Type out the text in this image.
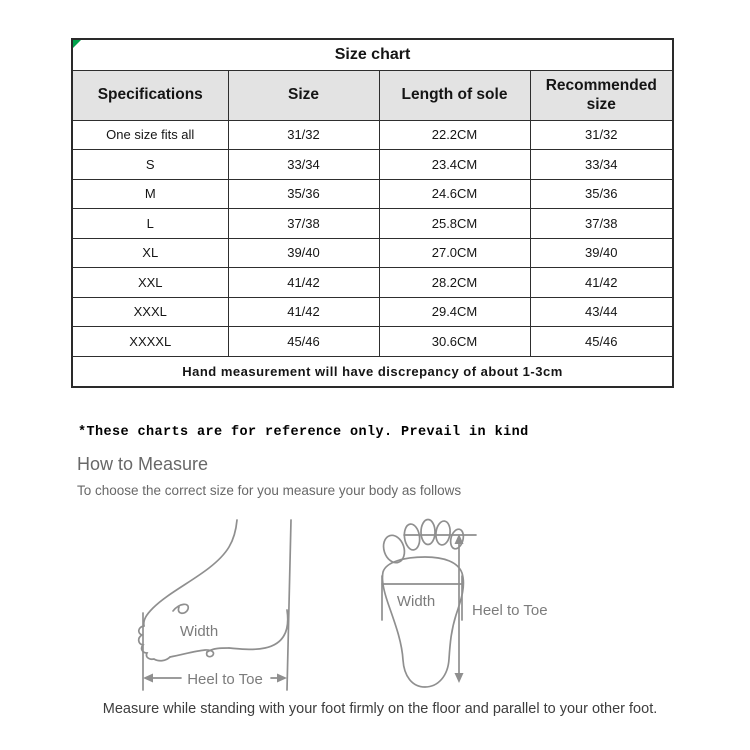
Size chart			
Specifications	Size	Length of sole	Recommended size
One size fits all	31/32	22.2CM	31/32
S	33/34	23.4CM	33/34
M	35/36	24.6CM	35/36
L	37/38	25.8CM	37/38
XL	39/40	27.0CM	39/40
XXL	41/42	28.2CM	41/42
XXXL	41/42	29.4CM	43/44
XXXXL	45/46	30.6CM	45/46
Hand measurement will have discrepancy of about 1-3cm			
*These charts are for reference only. Prevail in kind
How to Measure
To choose the correct size for you measure your body as follows
Width
Heel to Toe
Width
Heel to Toe
Measure while standing with your foot firmly on the floor and parallel to your other foot.
